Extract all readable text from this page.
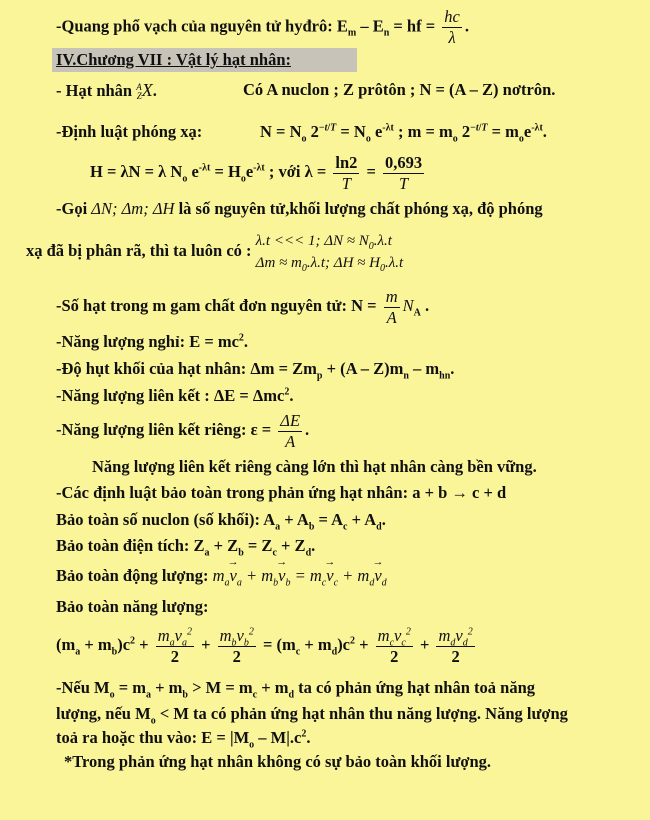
-Quang phổ vạch của nguyên tử hyđrô: $E_m - E_n$ = hf = $\frac{hc}{\lambda}$ .
IV.Chương VII : Vật lý hạt nhân:
- Hạt nhân A
ZX.	Có A nuclon ; Z prôtôn ; N = (A – Z) nơtrôn.
-Định luật phóng xạ:	$N = N_o$ $2^{-t/T} = N_o$ $e^{-\lambda t}$ ; $m = m_o$ $2^{-t/T} = m_oe^{-\lambda t}$.
H = λN = λ $N_o$ $e^{-\lambda t} = H_oe^{-\lambda t}$ ; với $\lambda = \frac{\ln 2}{T} = \frac{0,693}{T}$
-Gọi ΔN; Δm; ΔH là số nguyên tử,khối lượng chất phóng xạ, độ phóng
xạ đã bị phân rã, thì ta luôn có : λ.t <<< 1; $\Delta N \approx N_0.\lambda.t$
$\Delta m \approx m_0.\lambda.t$; $\Delta H \approx H_0.\lambda.t$
-Số hạt trong m gam chất đơn nguyên tử: $N = \frac{m}{A} N_A$ .
-Năng lượng nghỉ: $E = mc^2$.
-Độ hụt khối của hạt nhân: $\Delta m = Zm_p + (A - Z)m_n - m_{hn}$.
-Năng lượng liên kết : ΔE = Δmc$^2$.
-Năng lượng liên kết riêng: $\varepsilon = \frac{\Delta E}{A}$ .
Năng lượng liên kết riêng càng lớn thì hạt nhân càng bền vững.
-Các định luật bảo toàn trong phản ứng hạt nhân: a + b → c + d
Bảo toàn số nuclon (số khối): $A_a + A_b = A_c + A_d$.
Bảo toàn điện tích: $Z_a + Z_b = Z_c + Z_d$.
Bảo toàn động lượng: $m_a\to v_a + m_b\to v_b = m_c\to v_c + m_d\to v_d$
Bảo toàn năng lượng:
$(m_a + m_b)c^2 + \frac{m_av_a^2}{2} + \frac{m_bv_b^2}{2} = (m_c + m_d)c^2 + \frac{m_cv_c^2}{2} + \frac{m_dv_d^2}{2}$
-Nếu $M_o = m_a + m_b > M = m_c + m_d$ ta có phản ứng hạt nhân toả năng
lượng, nếu $M_o < M$ ta có phản ứng hạt nhân thu năng lượng. Năng lượng
toả ra hoặc thu vào: $E = |M_o - M|.c^2$.
*Trong phản ứng hạt nhân không có sự bảo toàn khối lượng.
